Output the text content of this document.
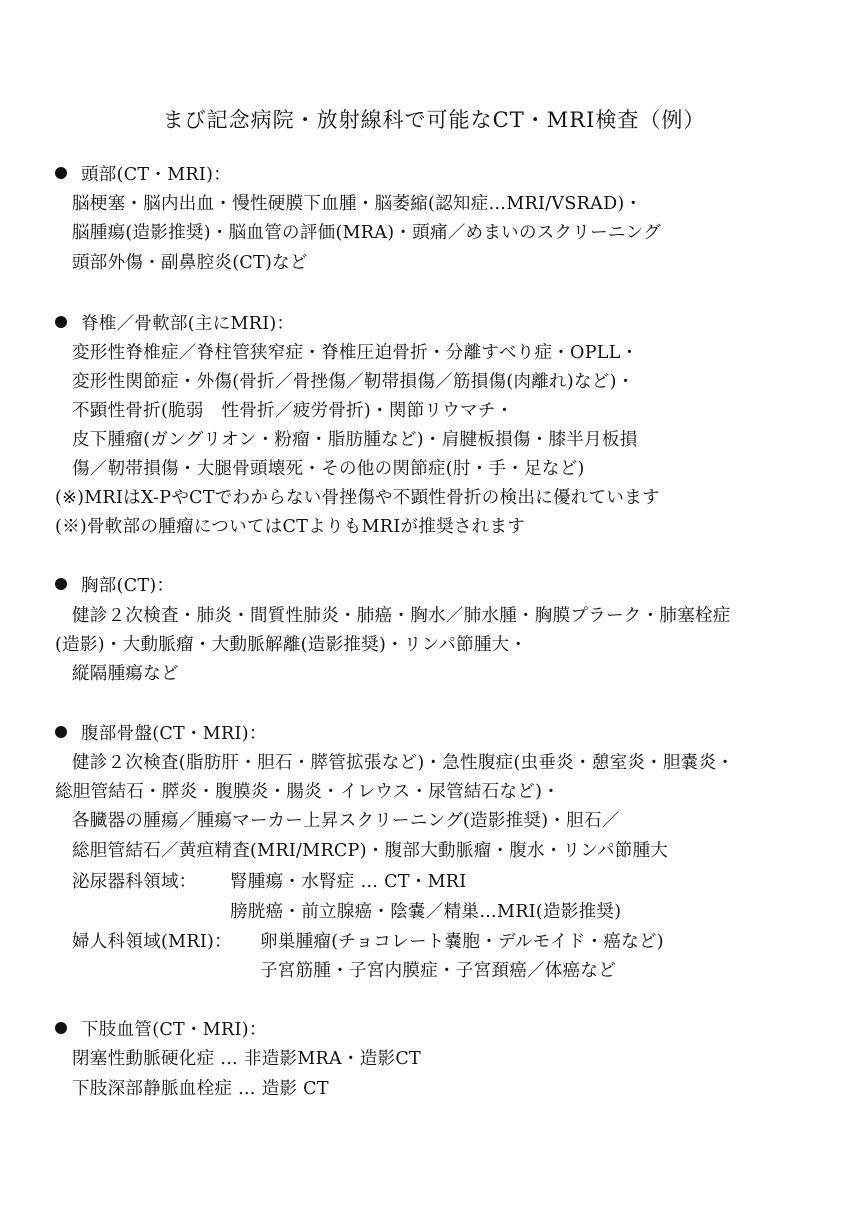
まび記念病院・放射線科で可能なCT・MRI検査（例）
頭部(CT・MRI)：
脳梗塞・脳内出血・慢性硬膜下血腫・脳萎縮(認知症…MRI/VSRAD)・
脳腫瘍(造影推奨)・脳血管の評価(MRA)・頭痛／めまいのスクリーニング
頭部外傷・副鼻腔炎(CT)など
脊椎／骨軟部(主にMRI)：
変形性脊椎症／脊柱管狭窄症・脊椎圧迫骨折・分離すべり症・OPLL・
変形性関節症・外傷(骨折／骨挫傷／靭帯損傷／筋損傷(肉離れ)など)・
不顕性骨折(脆弱　性骨折／疲労骨折)・関節リウマチ・
皮下腫瘤(ガングリオン・粉瘤・脂肪腫など)・肩腱板損傷・膝半月板損
傷／靭帯損傷・大腿骨頭壊死・その他の関節症(肘・手・足など)
(※)MRIはX-PやCTでわからない骨挫傷や不顕性骨折の検出に優れています
(※)骨軟部の腫瘤についてはCTよりもMRIが推奨されます
胸部(CT)：
健診２次検査・肺炎・間質性肺炎・肺癌・胸水／肺水腫・胸膜プラーク・肺塞栓症
(造影)・大動脈瘤・大動脈解離(造影推奨)・リンパ節腫大・
縦隔腫瘍など
腹部骨盤(CT・MRI)：
健診２次検査(脂肪肝・胆石・膵管拡張など)・急性腹症(虫垂炎・憩室炎・胆嚢炎・
総胆管結石・膵炎・腹膜炎・腸炎・イレウス・尿管結石など)・
各臓器の腫瘍／腫瘍マーカー上昇スクリーニング(造影推奨)・胆石／
総胆管結石／黄疸精査(MRI/MRCP)・腹部大動脈瘤・腹水・リンパ節腫大
泌尿器科領域： 腎腫瘍・水腎症 … CT・MRI
膀胱癌・前立腺癌・陰嚢／精巣…MRI(造影推奨)
婦人科領域(MRI)： 卵巣腫瘤(チョコレート嚢胞・デルモイド・癌など)
子宮筋腫・子宮内膜症・子宮頚癌／体癌など
下肢血管(CT・MRI)：
閉塞性動脈硬化症 … 非造影MRA・造影CT
下肢深部静脈血栓症 … 造影 CT
